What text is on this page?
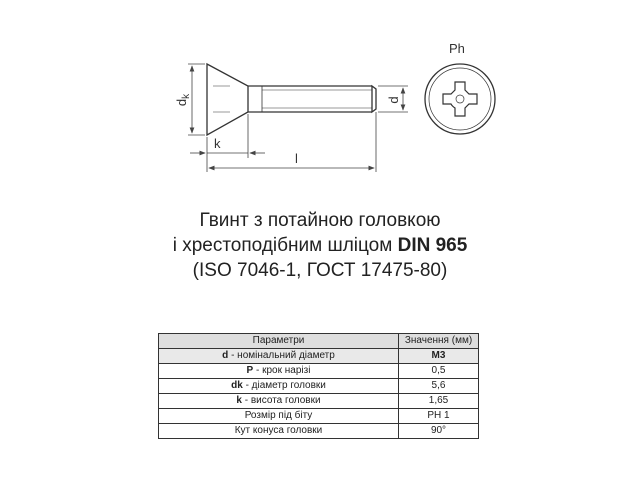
$d_k$	d
k
l
Ph
Гвинт з потайною головкою
і хрестоподібним шліцом DIN 965
(ISO 7046-1, ГОСТ 17475-80)
Параметри	Значення (мм)
d - номінальний діаметр	М3
P - крок нарізі	0,5
dk - діаметр головки	5,6
k - висота головки	1,65
Розмір під біту	PH 1
Кут конуса головки	90°
